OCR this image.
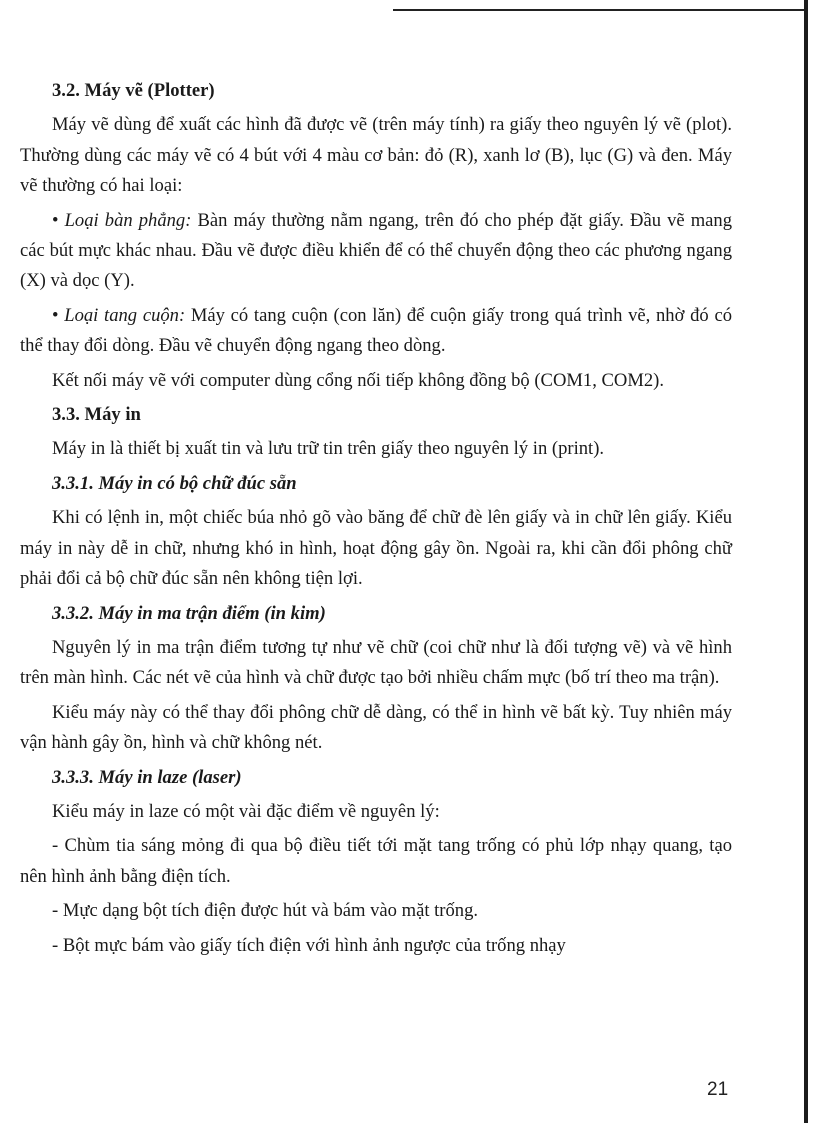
3.2. Máy vẽ (Plotter)

Máy vẽ dùng để xuất các hình đã được vẽ (trên máy tính) ra giấy theo nguyên lý vẽ (plot). Thường dùng các máy vẽ có 4 bút với 4 màu cơ bản: đỏ (R), xanh lơ (B), lục (G) và đen. Máy vẽ thường có hai loại:

• Loại bàn phẳng: Bàn máy thường nằm ngang, trên đó cho phép đặt giấy. Đầu vẽ mang các bút mực khác nhau. Đầu vẽ được điều khiển để có thể chuyển động theo các phương ngang (X) và dọc (Y).

• Loại tang cuộn: Máy có tang cuộn (con lăn) để cuộn giấy trong quá trình vẽ, nhờ đó có thể thay đổi dòng. Đầu vẽ chuyển động ngang theo dòng.

Kết nối máy vẽ với computer dùng cổng nối tiếp không đồng bộ (COM1, COM2).

3.3. Máy in

Máy in là thiết bị xuất tin và lưu trữ tin trên giấy theo nguyên lý in (print).

3.3.1. Máy in có bộ chữ đúc sẵn

Khi có lệnh in, một chiếc búa nhỏ gõ vào băng để chữ đè lên giấy và in chữ lên giấy. Kiểu máy in này dễ in chữ, nhưng khó in hình, hoạt động gây ồn. Ngoài ra, khi cần đổi phông chữ phải đổi cả bộ chữ đúc sẵn nên không tiện lợi.

3.3.2. Máy in ma trận điểm (in kim)

Nguyên lý in ma trận điểm tương tự như vẽ chữ (coi chữ như là đối tượng vẽ) và vẽ hình trên màn hình. Các nét vẽ của hình và chữ được tạo bởi nhiều chấm mực (bố trí theo ma trận).

Kiểu máy này có thể thay đổi phông chữ dễ dàng, có thể in hình vẽ bất kỳ. Tuy nhiên máy vận hành gây ồn, hình và chữ không nét.

3.3.3. Máy in laze (laser)

Kiểu máy in laze có một vài đặc điểm về nguyên lý:

- Chùm tia sáng mỏng đi qua bộ điều tiết tới mặt tang trống có phủ lớp nhạy quang, tạo nên hình ảnh bằng điện tích.

- Mực dạng bột tích điện được hút và bám vào mặt trống.

- Bột mực bám vào giấy tích điện với hình ảnh ngược của trống nhạy

21
